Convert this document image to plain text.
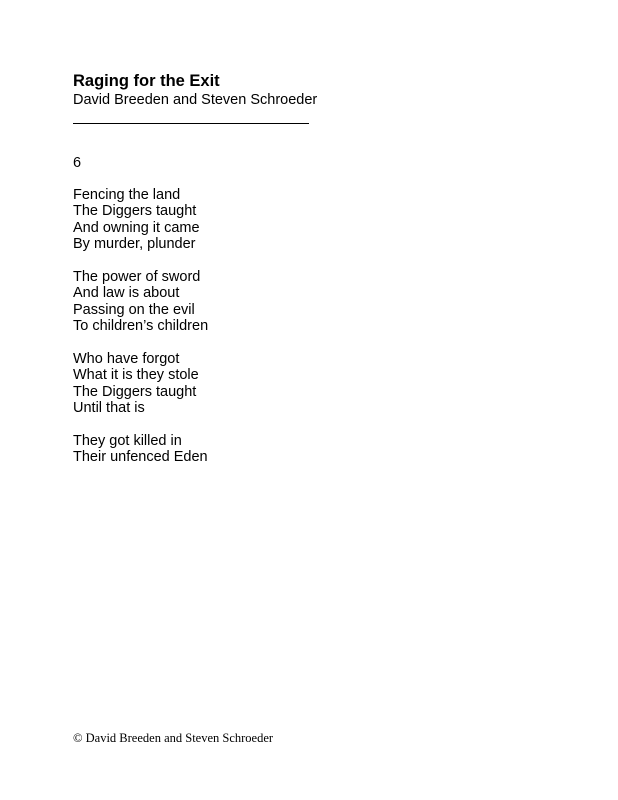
Raging for the Exit
David Breeden and Steven Schroeder
6
Fencing the land
The Diggers taught
And owning it came
By murder, plunder
The power of sword
And law is about
Passing on the evil
To children’s children
Who have forgot
What it is they stole
The Diggers taught
Until that is
They got killed in
Their unfenced Eden
© David Breeden and Steven Schroeder
